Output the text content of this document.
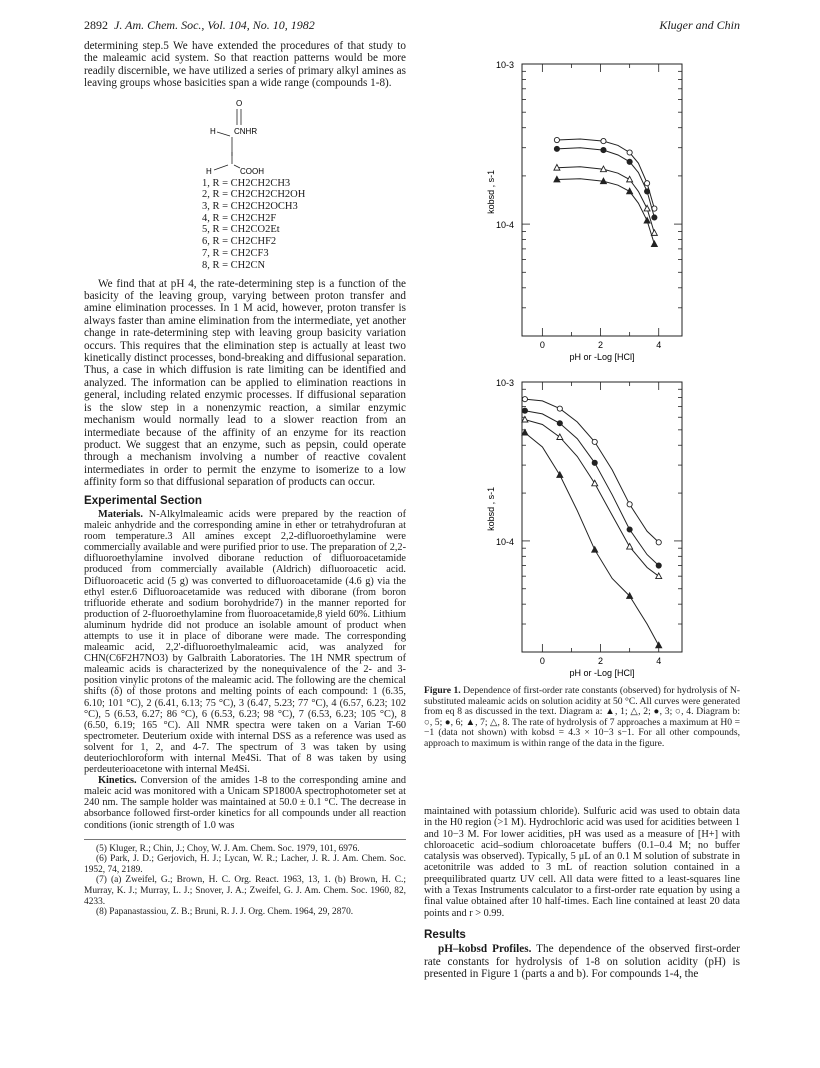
2892 J. Am. Chem. Soc., Vol. 104, No. 10, 1982	Kluger and Chin

determining step.5 We have extended the procedures of that study to the maleamic acid system. So that reaction patterns would be more readily discernible, we have utilized a series of primary alkyl amines as leaving groups whose basicities span a wide range (compounds 1-8).

O
H CNHR
H	COOH
1, R = CH2CH2CH3
2, R = CH2CH2CH2OH
3, R = CH2CH2OCH3
4, R = CH2CH2F
5, R = CH2CO2Et
6, R = CH2CHF2
7, R = CH2CF3
8, R = CH2CN

We find that at pH 4, the rate-determining step is a function of the basicity of the leaving group, varying between proton transfer and amine elimination processes. In 1 M acid, however, proton transfer is always faster than amine elimination from the intermediate, yet another change in rate-determining step with leaving group basicity variation occurs. This requires that the elimination step is actually at least two kinetically distinct processes, bond-breaking and diffusional separation. Thus, a case in which diffusion is rate limiting can be identified and analyzed. The information can be applied to elimination reactions in general, including related enzymic processes. If diffusional separation is the slow step in a nonenzymic reaction, a similar enzymic mechanism would normally lead to a slower reaction from an intermediate because of the affinity of an enzyme for its reaction product. We suggest that an enzyme, such as pepsin, could operate through a mechanism involving a number of reactive covalent intermediates in order to permit the enzyme to isomerize to a low affinity form so that diffusional separation of products can occur.

Experimental Section

Materials. N-Alkylmaleamic acids were prepared by the reaction of maleic anhydride and the corresponding amine in ether or tetrahydrofuran at room temperature.3 All amines except 2,2-difluoroethylamine were commercially available and were purified prior to use. The preparation of 2,2-difluoroethylamine involved diborane reduction of difluoroacetamide produced from commercially available (Aldrich) difluoroacetic acid. Difluoroacetic acid (5 g) was converted to difluoroacetamide (4.6 g) via the ethyl ester.6 Difluoroacetamide was reduced with diborane (from boron trifluoride etherate and sodium borohydride7) in the manner reported for production of 2-fluoroethylamine from fluoroacetamide,8 yield 60%. Lithium aluminum hydride did not produce an isolable amount of product when attempts to use it in place of diborane were made. The corresponding maleamic acid, 2,2'-difluoroethylmaleamic acid, was analyzed for CHN(C6F2H7NO3) by Galbraith Laboratories. The 1H NMR spectrum of maleamic acids is characterized by the nonequivalence of the 2- and 3-position vinylic protons of the maleamic acid. The following are the chemical shifts (δ) of those protons and melting points of each compound: 1 (6.35, 6.10; 101 °C), 2 (6.41, 6.13; 75 °C), 3 (6.47, 5.23; 77 °C), 4 (6.57, 6.23; 102 °C), 5 (6.53, 6.27; 86 °C), 6 (6.53, 6.23; 98 °C), 7 (6.53, 6.23; 105 °C), 8 (6.50, 6.19; 165 °C). All NMR spectra were taken on a Varian T-60 spectrometer. Deuterium oxide with internal DSS as a reference was used as solvent for 1, 2, and 4-7. The spectrum of 3 was taken by using deuteriochloroform with internal Me4Si. That of 8 was taken by using perdeuterioacetone with internal Me4Si.

Kinetics. Conversion of the amides 1-8 to the corresponding amine and maleic acid was monitored with a Unicam SP1800A spectrophotometer set at 240 nm. The sample holder was maintained at 50.0 ± 0.1 °C. The decrease in absorbance followed first-order kinetics for all compounds under all reaction conditions (ionic strength of 1.0 was

(5) Kluger, R.; Chin, J.; Choy, W. J. Am. Chem. Soc. 1979, 101, 6976.

(6) Park, J. D.; Gerjovich, H. J.; Lycan, W. R.; Lacher, J. R. J. Am. Chem. Soc. 1952, 74, 2189.

(7) (a) Zweifel, G.; Brown, H. C. Org. React. 1963, 13, 1. (b) Brown, H. C.; Murray, K. J.; Murray, L. J.; Snover, J. A.; Zweifel, G. J. Am. Chem. Soc. 1960, 82, 4233.

(8) Papanastassiou, Z. B.; Bruni, R. J. J. Org. Chem. 1964, 29, 2870.

10-3
10-4
kobsd , s-1
0	2	4
pH or -Log [HCl]
10-3
10-4
kobsd , s-1
0	2	4
pH or -Log [HCl]
Figure 1. Dependence of first-order rate constants (observed) for hydrolysis of N-substituted maleamic acids on solution acidity at 50 °C. All curves were generated from eq 8 as discussed in the text. Diagram a: ▲, 1; △, 2; ●, 3; ○, 4. Diagram b: ○, 5; ●, 6; ▲, 7; △, 8. The rate of hydrolysis of 7 approaches a maximum at H0 = −1 (data not shown) with kobsd = 4.3 × 10−3 s−1. For all other compounds, approach to maximum is within range of the data in the figure.

maintained with potassium chloride). Sulfuric acid was used to obtain data in the H0 region (>1 M). Hydrochloric acid was used for acidities between 1 and 10−3 M. For lower acidities, pH was used as a measure of [H+] with chloroacetic acid–sodium chloroacetate buffers (0.1–0.4 M; no buffer catalysis was observed). Typically, 5 μL of an 0.1 M solution of substrate in acetonitrile was added to 3 mL of reaction solution contained in a preequilibrated quartz UV cell. All data were fitted to a least-squares line with a Texas Instruments calculator to a first-order rate equation by using a final value obtained after 10 half-times. Each line contained at least 20 data points and r > 0.99.

Results

pH–kobsd Profiles. The dependence of the observed first-order rate constants for hydrolysis of 1-8 on solution acidity (pH) is presented in Figure 1 (parts a and b). For compounds 1-4, the
